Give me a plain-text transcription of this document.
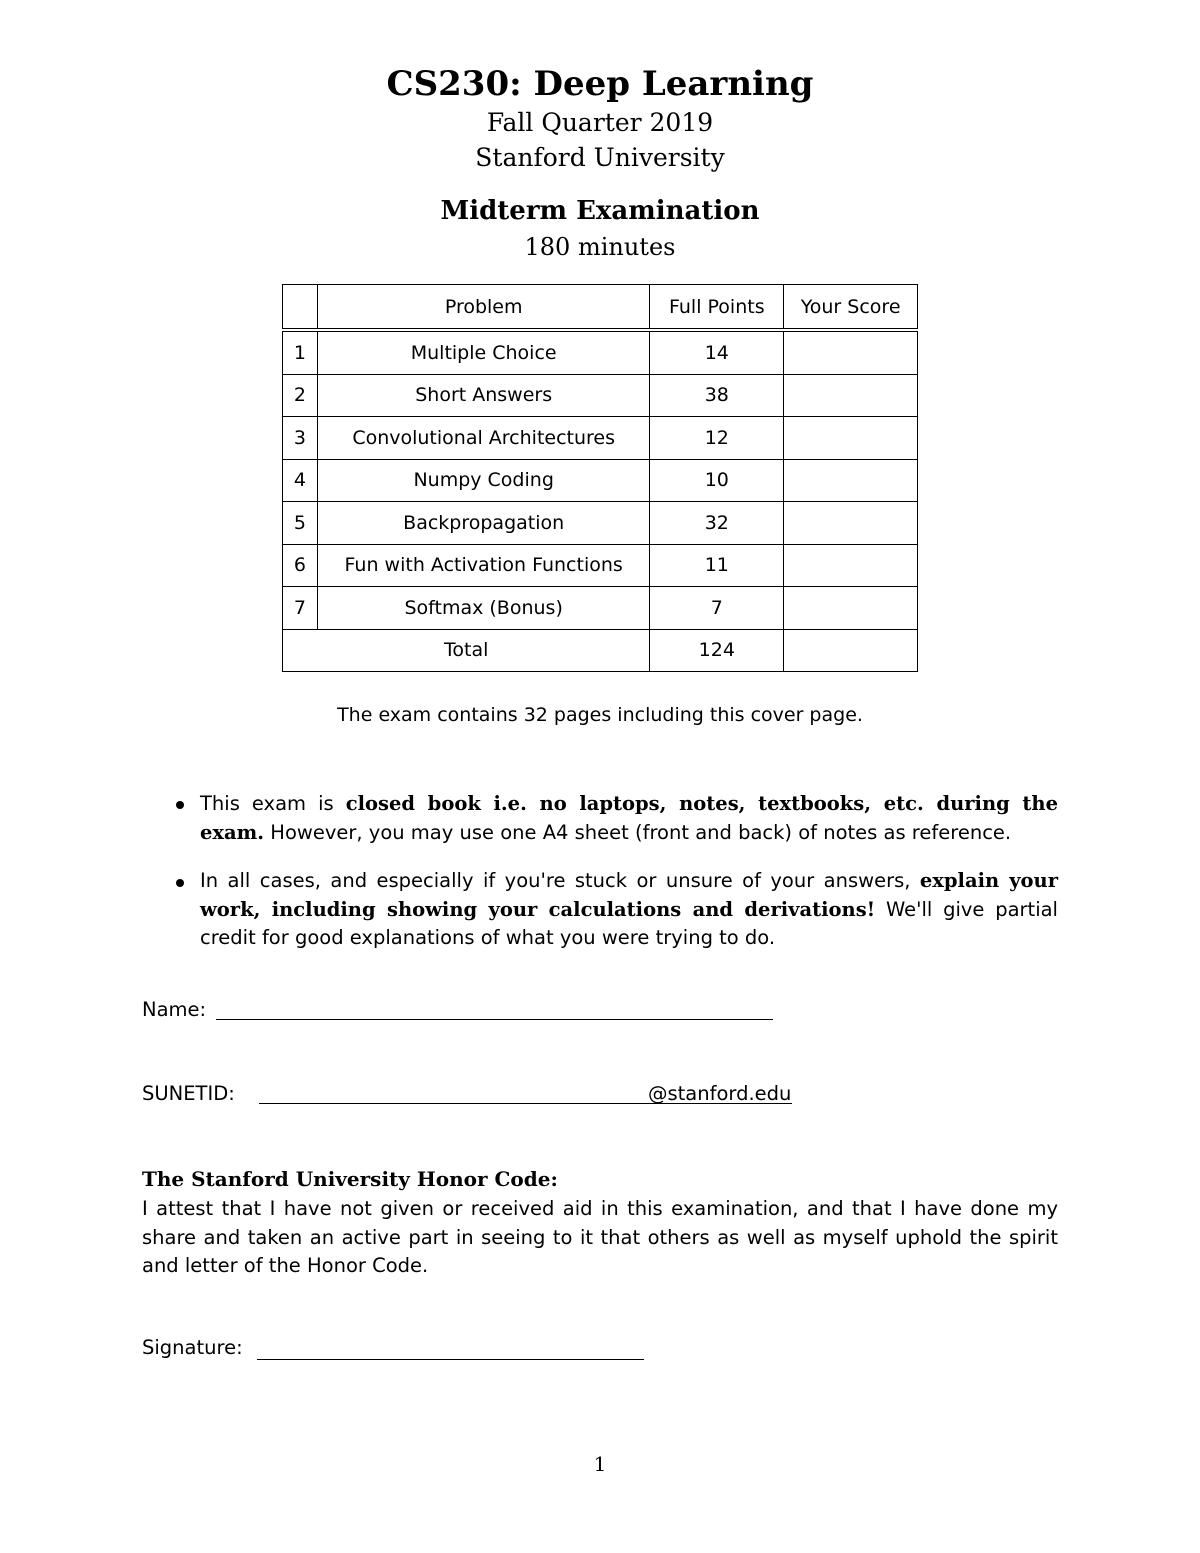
CS230: Deep Learning
Fall Quarter 2019
Stanford University
Midterm Examination
180 minutes
	Problem	Full Points	Your Score
1	Multiple Choice	14	
2	Short Answers	38	
3	Convolutional Architectures	12	
4	Numpy Coding	10	
5	Backpropagation	32	
6	Fun with Activation Functions	11	
7	Softmax (Bonus)	7	
Total		124	
The exam contains 32 pages including this cover page.
This exam is closed book i.e. no laptops, notes, textbooks, etc. during the exam. However, you may use one A4 sheet (front and back) of notes as reference.
In all cases, and especially if you're stuck or unsure of your answers, explain your work, including showing your calculations and derivations! We'll give partial credit for good explanations of what you were trying to do.
Name:
SUNETID:	@stanford.edu
The Stanford University Honor Code:
I attest that I have not given or received aid in this examination, and that I have done my share and taken an active part in seeing to it that others as well as myself uphold the spirit and letter of the Honor Code.
Signature:
1
